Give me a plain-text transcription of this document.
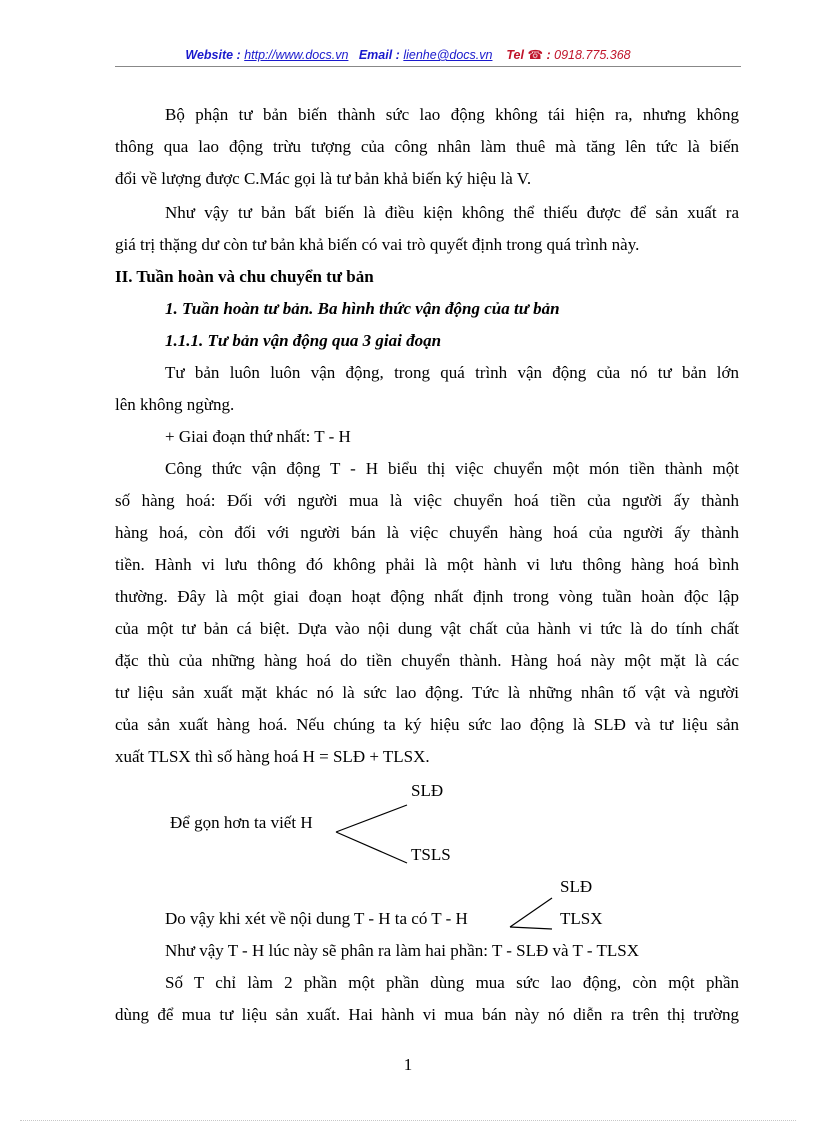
Website : http://www.docs.vn Email : lienhe@docs.vn Tel ☎ : 0918.775.368
Bộ phận tư bản biến thành sức lao động không tái hiện ra, nhưng không
thông qua lao động trừu tượng của công nhân làm thuê mà tăng lên tức là biến
đổi về lượng được C.Mác gọi là tư bản khả biến ký hiệu là V.
Như vậy tư bản bất biến là điều kiện không thể thiếu được để sản xuất ra
giá trị thặng dư còn tư bản khả biến có vai trò quyết định trong quá trình này.
II. Tuần hoàn và chu chuyển tư bản
1. Tuần hoàn tư bản. Ba hình thức vận động của tư bản
1.1.1. Tư bản vận động qua 3 giai đoạn
Tư bản luôn luôn vận động, trong quá trình vận động của nó tư bản lớn
lên không ngừng.
+ Giai đoạn thứ nhất: T - H
Công thức vận động T - H biểu thị việc chuyển một món tiền thành một
số hàng hoá: Đối với người mua là việc chuyển hoá tiền của người ấy thành
hàng hoá, còn đối với người bán là việc chuyển hàng hoá của người ấy thành
tiền. Hành vi lưu thông đó không phải là một hành vi lưu thông hàng hoá bình
thường. Đây là một giai đoạn hoạt động nhất định trong vòng tuần hoàn độc lập
của một tư bản cá biệt. Dựa vào nội dung vật chất của hành vi tức là do tính chất
đặc thù của những hàng hoá do tiền chuyển thành. Hàng hoá này một mặt là các
tư liệu sản xuất mặt khác nó là sức lao động. Tức là những nhân tố vật và người
của sản xuất hàng hoá. Nếu chúng ta ký hiệu sức lao động là SLĐ và tư liệu sản
xuất TLSX thì số hàng hoá H = SLĐ + TLSX.
SLĐ
Để gọn hơn ta viết H
TSLS
SLĐ
Do vậy khi xét về nội dung T - H ta có T - H	TLSX
Như vậy T - H lúc này sẽ phân ra làm hai phần: T - SLĐ và T - TLSX
Số T chỉ làm 2 phần một phần dùng mua sức lao động, còn một phần
dùng để mua tư liệu sản xuất. Hai hành vi mua bán này nó diễn ra trên thị trường
1
